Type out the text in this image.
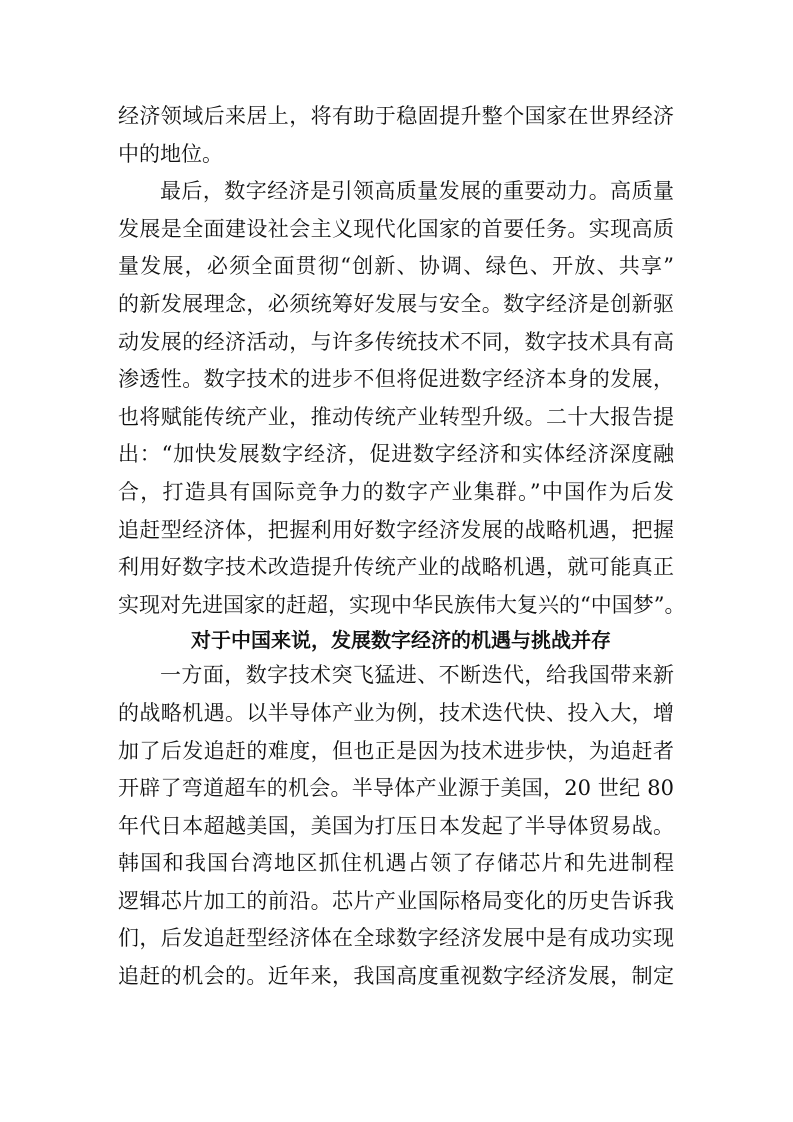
经济领域后来居上，将有助于稳固提升整个国家在世界经济
中的地位。
最后，数字经济是引领高质量发展的重要动力。高质量
发展是全面建设社会主义现代化国家的首要任务。实现高质
量发展，必须全面贯彻“创新、协调、绿色、开放、共享”
的新发展理念，必须统筹好发展与安全。数字经济是创新驱
动发展的经济活动，与许多传统技术不同，数字技术具有高
渗透性。数字技术的进步不但将促进数字经济本身的发展，
也将赋能传统产业，推动传统产业转型升级。二十大报告提
出：“加快发展数字经济，促进数字经济和实体经济深度融
合，打造具有国际竞争力的数字产业集群。”中国作为后发
追赶型经济体，把握利用好数字经济发展的战略机遇，把握
利用好数字技术改造提升传统产业的战略机遇，就可能真正
实现对先进国家的赶超，实现中华民族伟大复兴的“中国梦”。
对于中国来说，发展数字经济的机遇与挑战并存
一方面，数字技术突飞猛进、不断迭代，给我国带来新
的战略机遇。以半导体产业为例，技术迭代快、投入大，增
加了后发追赶的难度，但也正是因为技术进步快，为追赶者
开辟了弯道超车的机会。半导体产业源于美国，20 世纪 80
年代日本超越美国，美国为打压日本发起了半导体贸易战。
韩国和我国台湾地区抓住机遇占领了存储芯片和先进制程
逻辑芯片加工的前沿。芯片产业国际格局变化的历史告诉我
们，后发追赶型经济体在全球数字经济发展中是有成功实现
追赶的机会的。近年来，我国高度重视数字经济发展，制定
